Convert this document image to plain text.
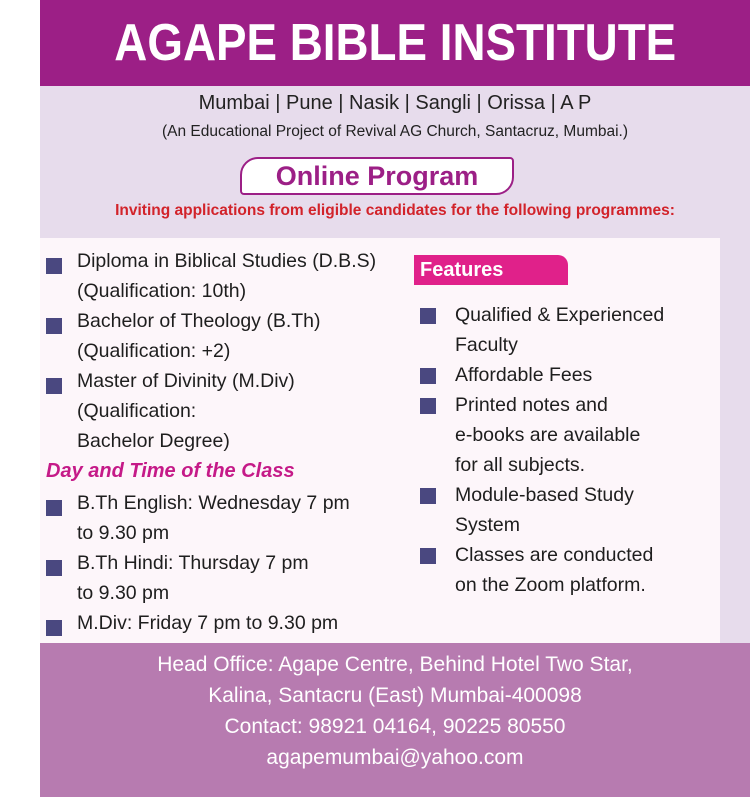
AGAPE BIBLE INSTITUTE
Mumbai | Pune | Nasik | Sangli | Orissa | A P
(An Educational Project of Revival AG Church, Santacruz, Mumbai.)
Online Program
Inviting applications from eligible candidates for the following programmes:
Diploma in Biblical Studies (D.B.S)
(Qualification: 10th)
Bachelor of Theology (B.Th)
(Qualification: +2)
Master of Divinity (M.Div)
(Qualification:
Bachelor Degree)
Day and Time of the Class
B.Th English: Wednesday 7 pm
to 9.30 pm
B.Th Hindi: Thursday 7 pm
to 9.30 pm
M.Div: Friday 7 pm to 9.30 pm
Features
Qualified & Experienced
Faculty
Affordable Fees
Printed notes and
e-books are available
for all subjects.
Module-based Study
System
Classes are conducted
on the Zoom platform.
Head Office: Agape Centre, Behind Hotel Two Star,
Kalina, Santacru (East) Mumbai-400098
Contact: 98921 04164, 90225 80550
agapemumbai@yahoo.com
